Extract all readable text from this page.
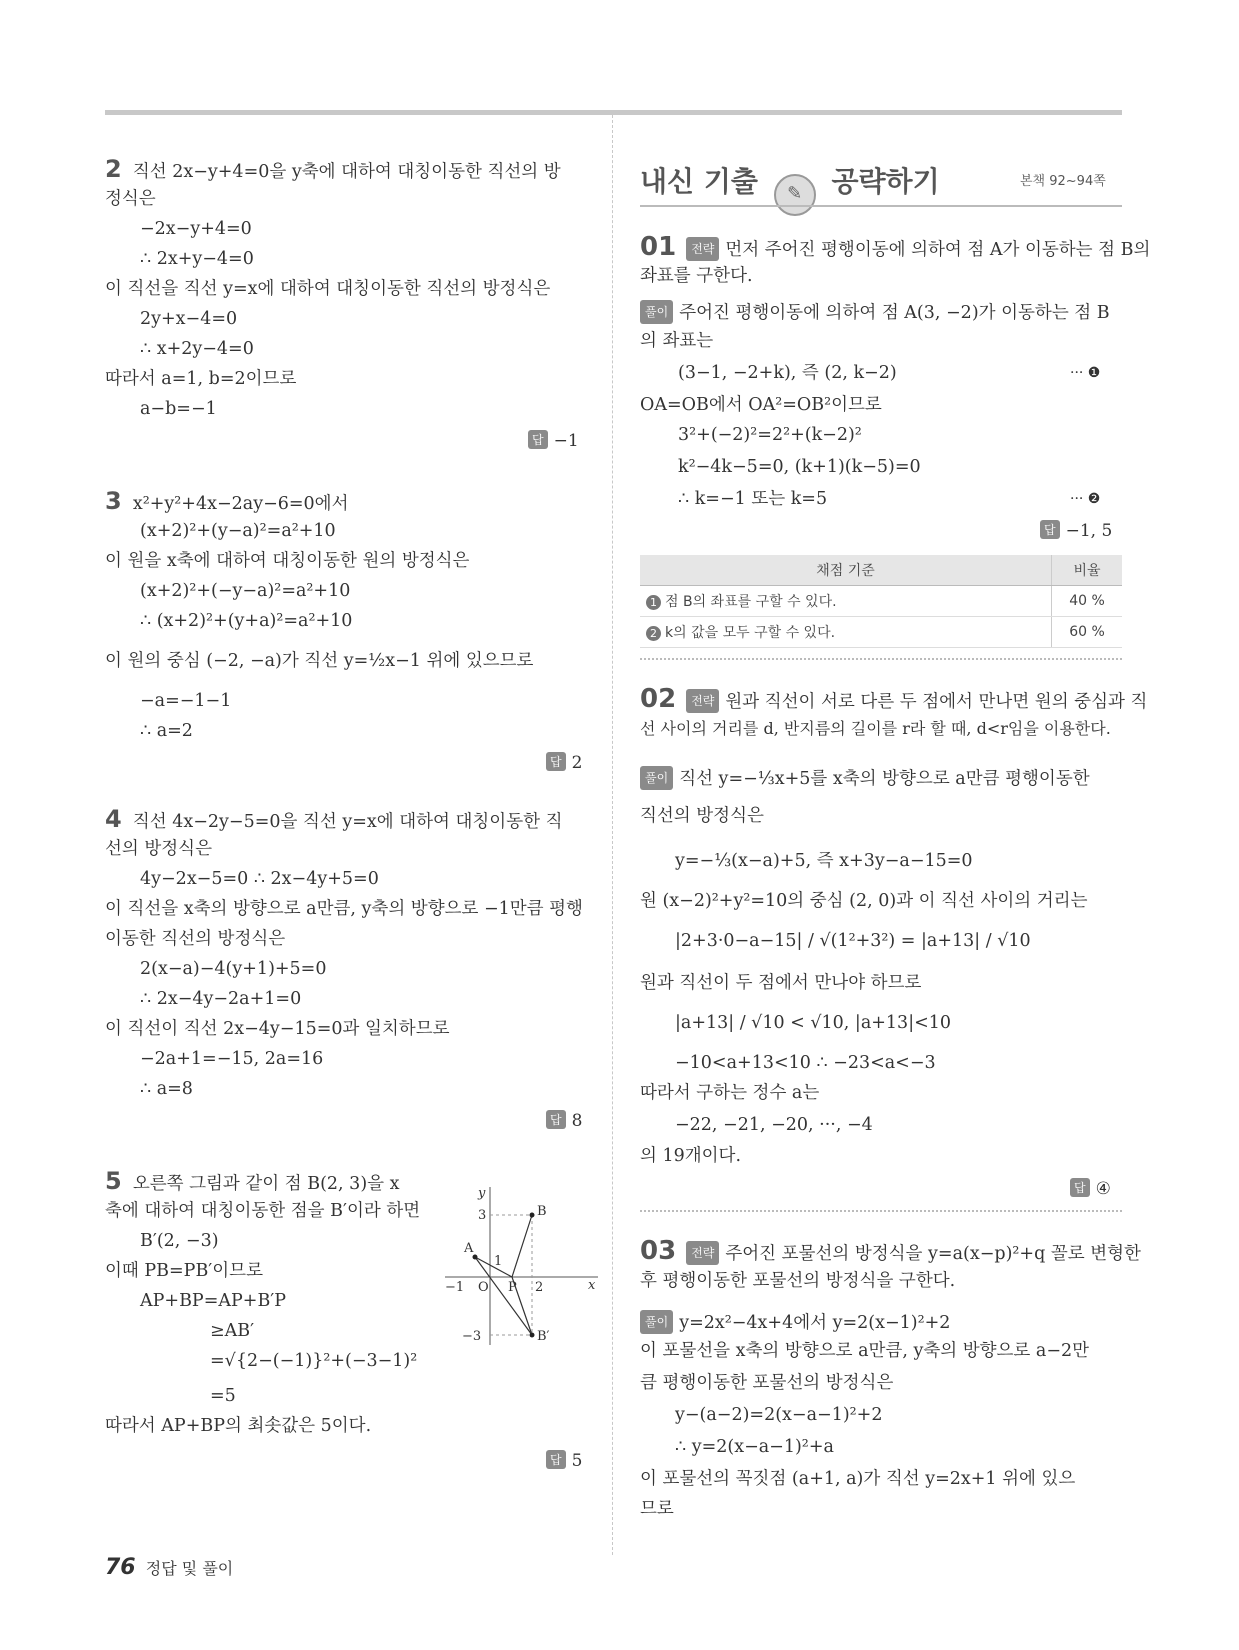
2 직선 2x−y+4=0을 y축에 대하여 대칭이동한 직선의 방
정식은
−2x−y+4=0
∴ 2x+y−4=0
이 직선을 직선 y=x에 대하여 대칭이동한 직선의 방정식은
2y+x−4=0
∴ x+2y−4=0
따라서 a=1, b=2이므로
a−b=−1
답 −1
3 x²+y²+4x−2ay−6=0에서
(x+2)²+(y−a)²=a²+10
이 원을 x축에 대하여 대칭이동한 원의 방정식은
(x+2)²+(−y−a)²=a²+10
∴ (x+2)²+(y+a)²=a²+10
이 원의 중심 (−2, −a)가 직선 y=½x−1 위에 있으므로
−a=−1−1
∴ a=2
답 2
4 직선 4x−2y−5=0을 직선 y=x에 대하여 대칭이동한 직
선의 방정식은
4y−2x−5=0 ∴ 2x−4y+5=0
이 직선을 x축의 방향으로 a만큼, y축의 방향으로 −1만큼 평행
이동한 직선의 방정식은
2(x−a)−4(y+1)+5=0
∴ 2x−4y−2a+1=0
이 직선이 직선 2x−4y−15=0과 일치하므로
−2a+1=−15, 2a=16
∴ a=8
답 8
5 오른쪽 그림과 같이 점 B(2, 3)을 x
축에 대하여 대칭이동한 점을 B′이라 하면
B′(2, −3)
이때 PB=PB′이므로
AP+BP=AP+B′P
≥AB′
=√{2−(−1)}²+(−3−1)²
=5
따라서 AP+BP의 최솟값은 5이다.
답 5
y
x
B
A
B′
P
O
3
1
−1	2
−3
내신 기출 ✎ 공략하기	본책 92~94쪽
01 전략 먼저 주어진 평행이동에 의하여 점 A가 이동하는 점 B의
좌표를 구한다.
풀이 주어진 평행이동에 의하여 점 A(3, −2)가 이동하는 점 B
의 좌표는
(3−1, −2+k), 즉 (2, k−2)	··· ❶
OA=OB에서 OA²=OB²이므로
3²+(−2)²=2²+(k−2)²
k²−4k−5=0, (k+1)(k−5)=0
∴ k=−1 또는 k=5	··· ❷
답 −1, 5
채점 기준	비율
1 점 B의 좌표를 구할 수 있다.	40 %
2 k의 값을 모두 구할 수 있다.	60 %
02 전략 원과 직선이 서로 다른 두 점에서 만나면 원의 중심과 직
선 사이의 거리를 d, 반지름의 길이를 r라 할 때, d<r임을 이용한다.
풀이 직선 y=−⅓x+5를 x축의 방향으로 a만큼 평행이동한
직선의 방정식은
y=−⅓(x−a)+5, 즉 x+3y−a−15=0
원 (x−2)²+y²=10의 중심 (2, 0)과 이 직선 사이의 거리는
|2+3·0−a−15| / √(1²+3²) = |a+13| / √10
원과 직선이 두 점에서 만나야 하므로
|a+13| / √10 < √10, |a+13|<10
−10<a+13<10 ∴ −23<a<−3
따라서 구하는 정수 a는
−22, −21, −20, ···, −4
의 19개이다.
답 ④
03 전략 주어진 포물선의 방정식을 y=a(x−p)²+q 꼴로 변형한
후 평행이동한 포물선의 방정식을 구한다.
풀이 y=2x²−4x+4에서 y=2(x−1)²+2
이 포물선을 x축의 방향으로 a만큼, y축의 방향으로 a−2만
큼 평행이동한 포물선의 방정식은
y−(a−2)=2(x−a−1)²+2
∴ y=2(x−a−1)²+a
이 포물선의 꼭짓점 (a+1, a)가 직선 y=2x+1 위에 있으
므로
76 정답 및 풀이
